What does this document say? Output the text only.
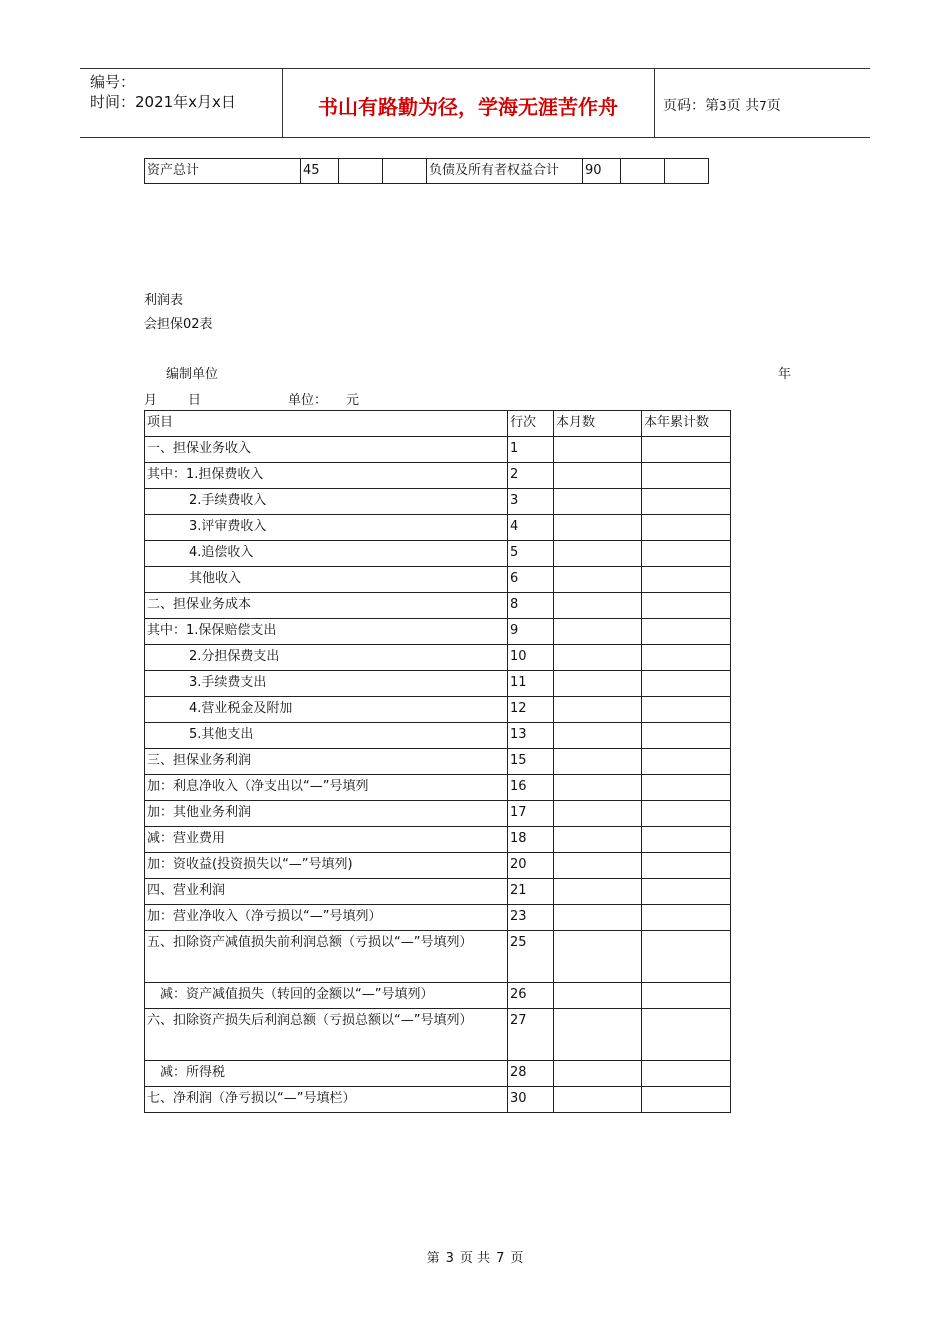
编号：
时间：2021年x月x日	书山有路勤为径，学海无涯苦作舟	页码：第3页 共7页
资产总计	45			负债及所有者权益合计	90		
利润表
会担保02表
编制单位	年
月 日	单位： 元
项目	行次	本月数	本年累计数
一、担保业务收入	1		
其中：1.担保费收入	2		
2.手续费收入	3		
3.评审费收入	4		
4.追偿收入	5		
其他收入	6		
二、担保业务成本	8		
其中：1.保保赔偿支出	9		
2.分担保费支出	10		
3.手续费支出	11		
4.营业税金及附加	12		
5.其他支出	13		
三、担保业务利润	15		
加：利息净收入（净支出以“—”号填列	16		
加：其他业务利润	17		
减：营业费用	18		
加：资收益(投资损失以“—”号填列)	20		
四、营业利润	21		
加：营业净收入（净亏损以“—”号填列）	23		
五、扣除资产减值损失前利润总额（亏损以“—”号填列）	25		
减：资产减值损失（转回的金额以“—”号填列）	26		
六、扣除资产损失后利润总额（亏损总额以“—”号填列）	27		
减：所得税	28		
七、净利润（净亏损以“—”号填栏）	30		
第 3 页 共 7 页
